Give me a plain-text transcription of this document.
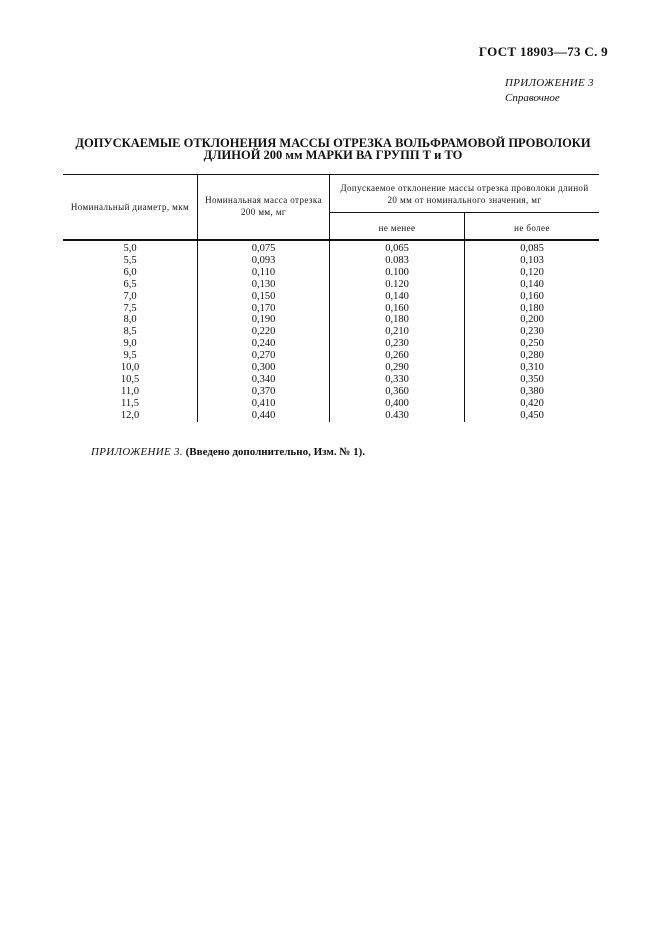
ГОСТ 18903—73 С. 9
ПРИЛОЖЕНИЕ 3
Справочное
ДОПУСКАЕМЫЕ ОТКЛОНЕНИЯ МАССЫ ОТРЕЗКА ВОЛЬФРАМОВОЙ ПРОВОЛОКИ
ДЛИНОЙ 200 мм МАРКИ ВА ГРУПП Т и ТО
Номинальный диаметр, мкм
Номинальная масса отрезка
200 мм, мг
Допускаемое отклонение массы отрезка проволоки длиной
20 мм от номинального значения, мг
не менее	не более
5,0
5,5
6,0
6,5
7,0
7,5
8,0
8,5
9,0
9,5
10,0
10,5
11,0
11,5
12,0
0,075
0,093
0,110
0,130
0,150
0,170
0,190
0,220
0,240
0,270
0,300
0,340
0,370
0,410
0,440
0,065
0.083
0.100
0.120
0,140
0,160
0,180
0,210
0,230
0,260
0,290
0,330
0,360
0,400
0.430
0,085
0,103
0,120
0,140
0,160
0,180
0,200
0,230
0,250
0,280
0,310
0,350
0,380
0,420
0,450
ПРИЛОЖЕНИЕ 3. (Введено дополнительно, Изм. № 1).
